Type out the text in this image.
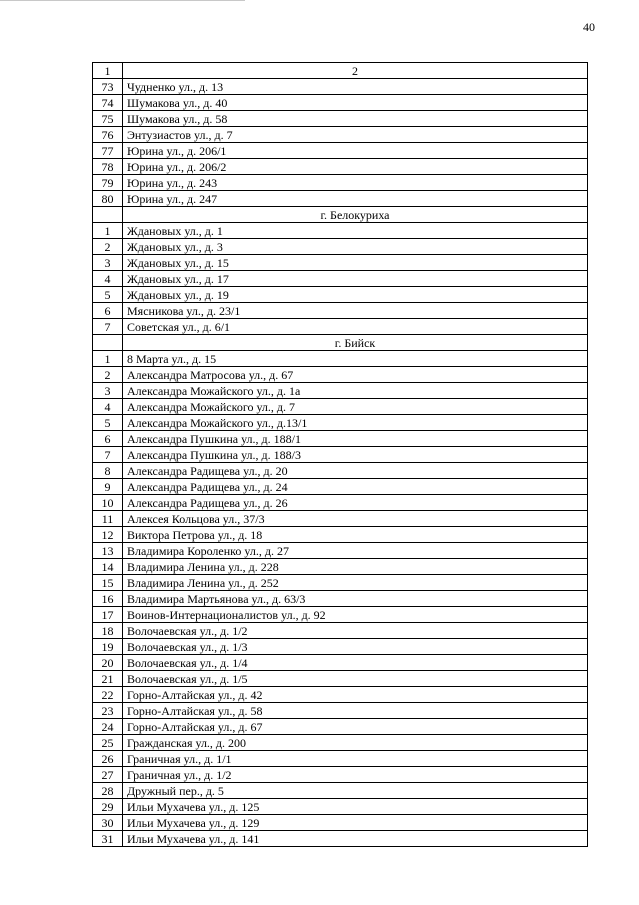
40
1	2
73	Чудненко ул., д. 13
74	Шумакова ул., д. 40
75	Шумакова ул., д. 58
76	Энтузиастов ул., д. 7
77	Юрина ул., д. 206/1
78	Юрина ул., д. 206/2
79	Юрина ул., д. 243
80	Юрина ул., д. 247
	г. Белокуриха
1	Ждановых ул., д. 1
2	Ждановых ул., д. 3
3	Ждановых ул., д. 15
4	Ждановых ул., д. 17
5	Ждановых ул., д. 19
6	Мясникова ул., д. 23/1
7	Советская ул., д. 6/1
	г. Бийск
1	8 Марта ул., д. 15
2	Александра Матросова ул., д. 67
3	Александра Можайского ул., д. 1а
4	Александра Можайского ул., д. 7
5	Александра Можайского ул., д.13/1
6	Александра Пушкина ул., д. 188/1
7	Александра Пушкина ул., д. 188/3
8	Александра Радищева ул., д. 20
9	Александра Радищева ул., д. 24
10	Александра Радищева ул., д. 26
11	Алексея Кольцова ул., 37/3
12	Виктора Петрова ул., д. 18
13	Владимира Короленко ул., д. 27
14	Владимира Ленина ул., д. 228
15	Владимира Ленина ул., д. 252
16	Владимира Мартьянова ул., д. 63/3
17	Воинов-Интернационалистов ул., д. 92
18	Волочаевская ул., д. 1/2
19	Волочаевская ул., д. 1/3
20	Волочаевская ул., д. 1/4
21	Волочаевская ул., д. 1/5
22	Горно-Алтайская ул., д. 42
23	Горно-Алтайская ул., д. 58
24	Горно-Алтайская ул., д. 67
25	Гражданская ул., д. 200
26	Граничная ул., д. 1/1
27	Граничная ул., д. 1/2
28	Дружный пер., д. 5
29	Ильи Мухачева ул., д. 125
30	Ильи Мухачева ул., д. 129
31	Ильи Мухачева ул., д. 141
